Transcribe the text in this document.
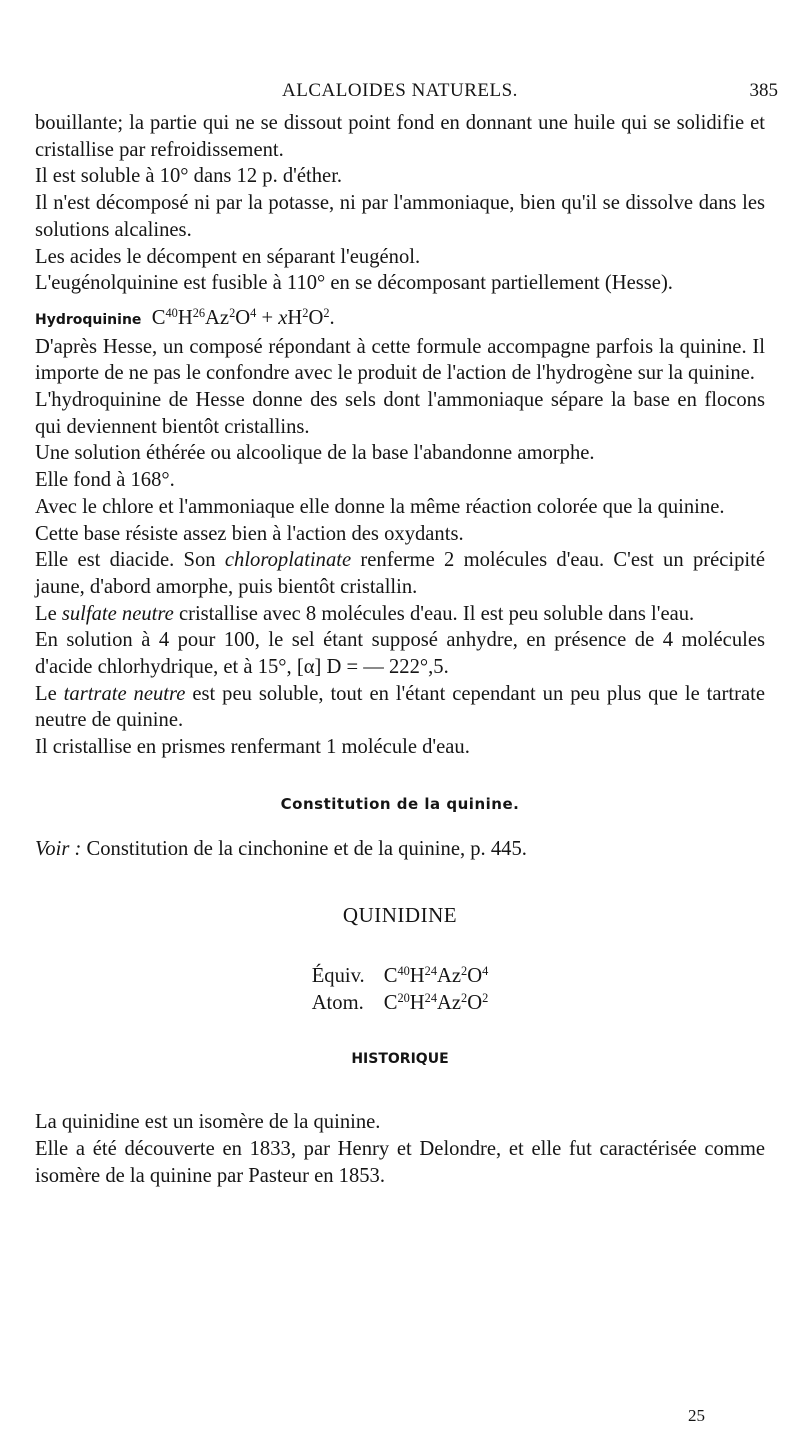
ALCALOIDES NATURELS.	385

bouillante; la partie qui ne se dissout point fond en donnant une huile qui se solidifie et cristallise par refroidissement.

Il est soluble à 10° dans 12 p. d'éther.

Il n'est décomposé ni par la potasse, ni par l'ammoniaque, bien qu'il se dissolve dans les solutions alcalines.

Les acides le décompent en séparant l'eugénol.

L'eugénolquinine est fusible à 110° en se décomposant partiellement (Hesse).

Hydroquinine $C^{40}H^{26}Az^2O^4 + xH^2O^2$.

D'après Hesse, un composé répondant à cette formule accompagne parfois la quinine. Il importe de ne pas le confondre avec le produit de l'action de l'hydrogène sur la quinine.

L'hydroquinine de Hesse donne des sels dont l'ammoniaque sépare la base en flocons qui deviennent bientôt cristallins.

Une solution éthérée ou alcoolique de la base l'abandonne amorphe.

Elle fond à 168°.

Avec le chlore et l'ammoniaque elle donne la même réaction colorée que la quinine.

Cette base résiste assez bien à l'action des oxydants.

Elle est diacide. Son chloroplatinate renferme 2 molécules d'eau. C'est un précipité jaune, d'abord amorphe, puis bientôt cristallin.

Le sulfate neutre cristallise avec 8 molécules d'eau. Il est peu soluble dans l'eau.

En solution à 4 pour 100, le sel étant supposé anhydre, en présence de 4 molécules d'acide chlorhydrique, et à 15°, [α] D = — 222°,5.

Le tartrate neutre est peu soluble, tout en l'étant cependant un peu plus que le tartrate neutre de quinine.

Il cristallise en prismes renfermant 1 molécule d'eau.

Constitution de la quinine.

Voir : Constitution de la cinchonine et de la quinine, p. 445.

QUINIDINE
Équiv. $C^{40}H^{24}Az^2O^4$
Atom. $C^{20}H^{24}Az^2O^2$
HISTORIQUE

La quinidine est un isomère de la quinine.

Elle a été découverte en 1833, par Henry et Delondre, et elle fut caractérisée comme isomère de la quinine par Pasteur en 1853.

25
